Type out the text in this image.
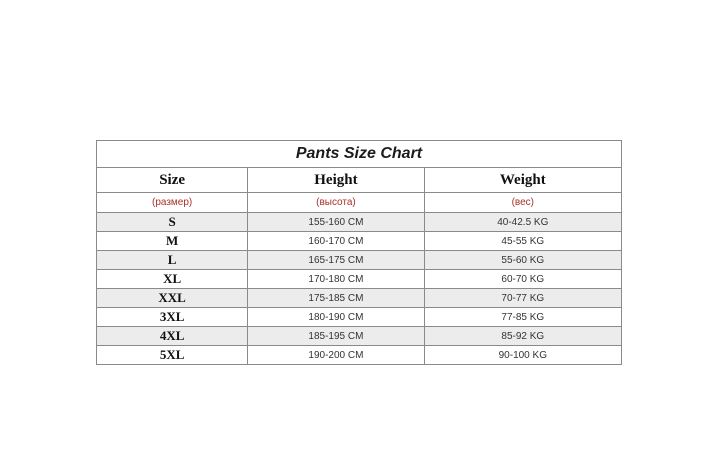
Pants Size Chart		
Size	Height	Weight
(размер)	(высота)	(вес)
S	155-160 CM	40-42.5 KG
M	160-170 CM	45-55 KG
L	165-175 CM	55-60 KG
XL	170-180 CM	60-70 KG
XXL	175-185 CM	70-77 KG
3XL	180-190 CM	77-85 KG
4XL	185-195 CM	85-92 KG
5XL	190-200 CM	90-100 KG
